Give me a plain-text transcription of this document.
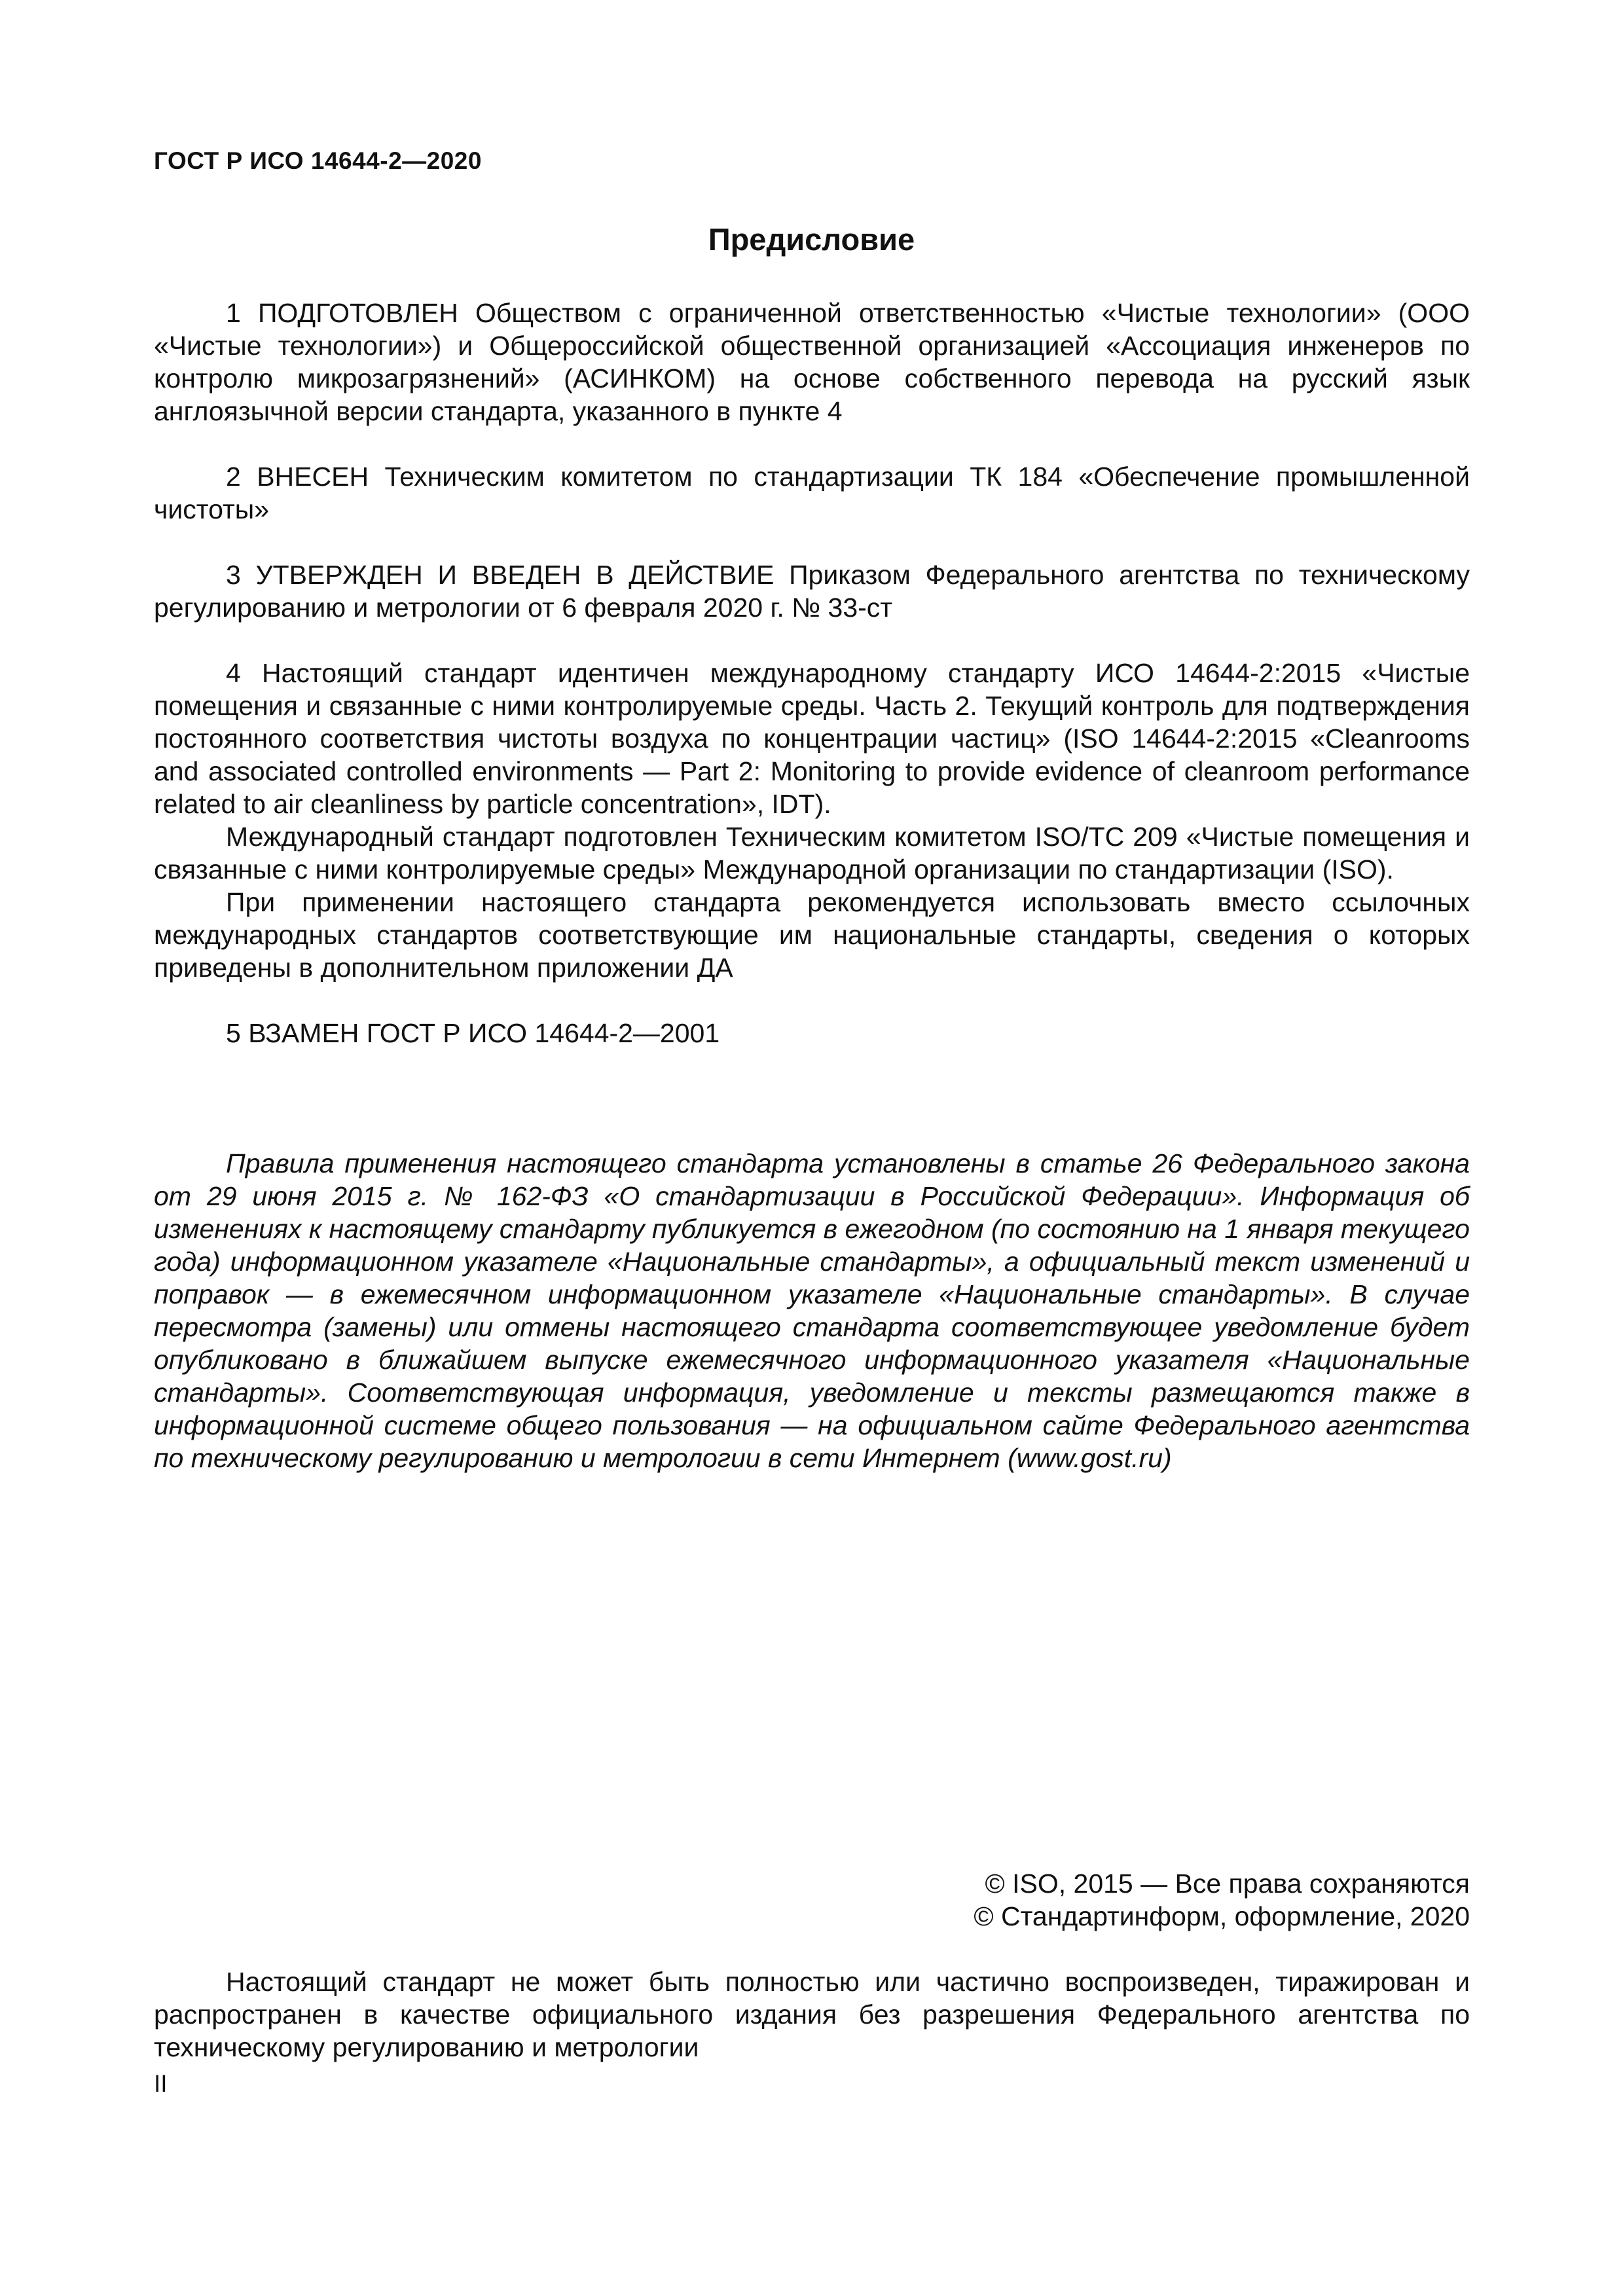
ГОСТ Р ИСО 14644-2—2020
Предисловие

1 ПОДГОТОВЛЕН Обществом с ограниченной ответственностью «Чистые технологии» (ООО «Чистые технологии») и Общероссийской общественной организацией «Ассоциация инженеров по контролю микрозагрязнений» (АСИНКОМ) на основе собственного перевода на русский язык англоязычной версии стандарта, указанного в пункте 4

2 ВНЕСЕН Техническим комитетом по стандартизации ТК 184 «Обеспечение промышленной чистоты»

3 УТВЕРЖДЕН И ВВЕДЕН В ДЕЙСТВИЕ Приказом Федерального агентства по техническому регулированию и метрологии от 6 февраля 2020 г. № 33-ст

4 Настоящий стандарт идентичен международному стандарту ИСО 14644-2:2015 «Чистые помещения и связанные с ними контролируемые среды. Часть 2. Текущий контроль для подтверждения постоянного соответствия чистоты воздуха по концентрации частиц» (ISO 14644-2:2015 «Cleanrooms and associated controlled environments — Part 2: Monitoring to provide evidence of cleanroom performance related to air cleanliness by particle concentration», IDT).

Международный стандарт подготовлен Техническим комитетом ISO/TC 209 «Чистые помещения и связанные с ними контролируемые среды» Международной организации по стандартизации (ISO).

При применении настоящего стандарта рекомендуется использовать вместо ссылочных международных стандартов соответствующие им национальные стандарты, сведения о которых приведены в дополнительном приложении ДА

5 ВЗАМЕН ГОСТ Р ИСО 14644-2—2001

Правила применения настоящего стандарта установлены в статье 26 Федерального закона от 29 июня 2015 г. № 162-ФЗ «О стандартизации в Российской Федерации». Информация об изменениях к настоящему стандарту публикуется в ежегодном (по состоянию на 1 января текущего года) информационном указателе «Национальные стандарты», а официальный текст изменений и поправок — в ежемесячном информационном указателе «Национальные стандарты». В случае пересмотра (замены) или отмены настоящего стандарта соответствующее уведомление будет опубликовано в ближайшем выпуске ежемесячного информационного указателя «Национальные стандарты». Соответствующая информация, уведомление и тексты размещаются также в информационной системе общего пользования — на официальном сайте Федерального агентства по техническому регулированию и метрологии в сети Интернет (www.gost.ru)
© ISO, 2015 — Все права сохраняются
© Стандартинформ, оформление, 2020
Настоящий стандарт не может быть полностью или частично воспроизведен, тиражирован и распространен в качестве официального издания без разрешения Федерального агентства по техническому регулированию и метрологии
II
